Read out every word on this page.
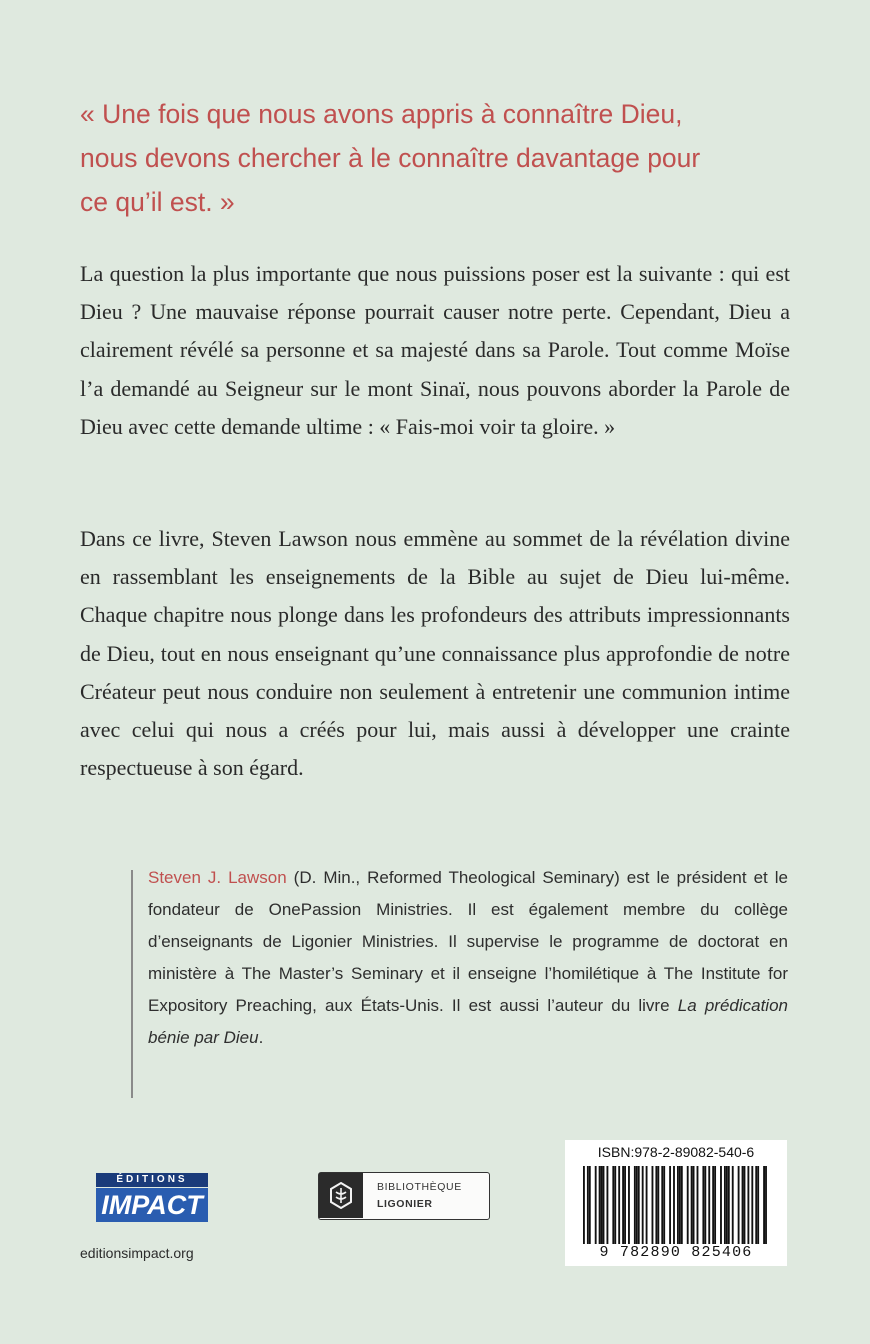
« Une fois que nous avons appris à connaître Dieu,
nous devons chercher à le connaître davantage pour
ce qu’il est. »

La question la plus importante que nous puissions poser est la suivante : qui est Dieu ? Une mauvaise réponse pourrait causer notre perte. Cependant, Dieu a clairement révélé sa personne et sa majesté dans sa Parole. Tout comme Moïse l’a demandé au Seigneur sur le mont Sinaï, nous pouvons aborder la Parole de Dieu avec cette demande ultime : « Fais-moi voir ta gloire. »

Dans ce livre, Steven Lawson nous emmène au sommet de la révélation divine en rassemblant les enseignements de la Bible au sujet de Dieu lui-même. Chaque chapitre nous plonge dans les profondeurs des attributs impressionnants de Dieu, tout en nous enseignant qu’une connaissance plus approfondie de notre Créateur peut nous conduire non seulement à entretenir une communion intime avec celui qui nous a créés pour lui, mais aussi à développer une crainte respectueuse à son égard.

Steven J. Lawson (D. Min., Reformed Theological Seminary) est le président et le fondateur de OnePassion Ministries. Il est également membre du collège d’enseignants de Ligonier Ministries. Il supervise le programme de doctorat en ministère à The Master’s Seminary et il enseigne l’homilétique à The Institute for Expository Preaching, aux États-Unis. Il est aussi l’auteur du livre La prédication bénie par Dieu.

ÉDITIONS
IMPACT
editionsimpact.org
BIBLIOTHÈQUE
LIGONIER
ISBN:978-2-89082-540-6
9 782890 825406
